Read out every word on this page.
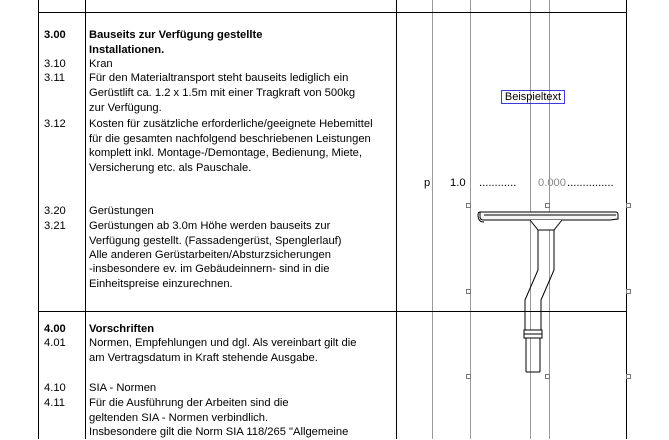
3.00 Bauseits zur Verfügung gestellte
Installationen.
3.10 Kran
3.11 Für den Materialtransport steht bauseits lediglich ein
Gerüstlift ca. 1.2 x 1.5m mit einer Tragkraft von 500kg
zur Verfügung.
3.12 Kosten für zusätzliche erforderliche/geeignete Hebemittel
für die gesamten nachfolgend beschriebenen Leistungen
komplett inkl. Montage-/Demontage, Bedienung, Miete,
Versicherung etc. als Pauschale.
3.20 Gerüstungen
3.21 Gerüstungen ab 3.0m Höhe werden bauseits zur
Verfügung gestellt. (Fassadengerüst, Spenglerlauf)
Alle anderen Gerüstarbeiten/Absturzsicherungen
-insbesondere ev. im Gebäudeinnern- sind in die
Einheitspreise einzurechnen.
4.00 Vorschriften
4.01 Normen, Empfehlungen und dgl. Als vereinbart gilt die
am Vertragsdatum in Kraft stehende Ausgabe.
4.10 SIA - Normen
4.11 Für die Ausführung der Arbeiten sind die
geltenden SIA - Normen verbindlich.
Insbesondere gilt die Norm SIA 118/265 "Allgemeine
p 1.0 ............ 0.000 ...............
Beispieltext
